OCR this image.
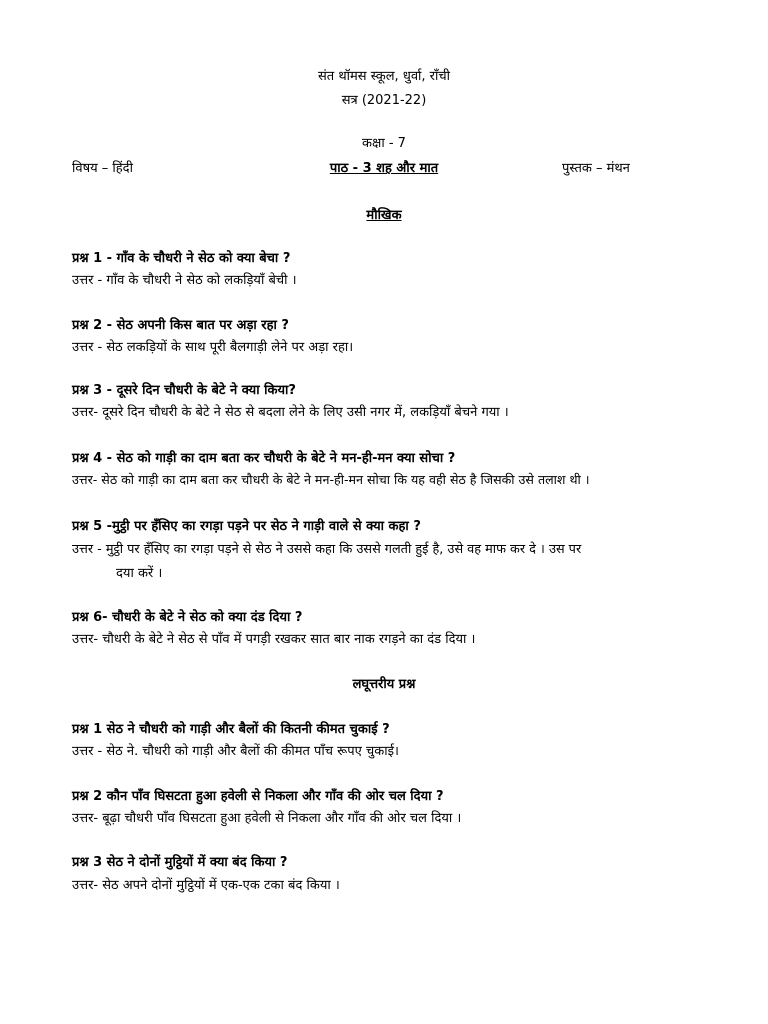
संत थॉमस स्कूल, धुर्वा, राँची
सत्र (2021-22)
कक्षा - 7
विषय – हिंदी	पाठ - 3 शह और मात	पुस्तक – मंथन
मौखिक
प्रश्न 1 - गाँव के चौधरी ने सेठ को क्या बेचा ?
उत्तर - गाँव के चौधरी ने सेठ को लकड़ियाँ बेची ।
प्रश्न 2 - सेठ अपनी किस बात पर अड़ा रहा ?
उत्तर - सेठ लकड़ियों के साथ पूरी बैलगाड़ी लेने पर अड़ा रहा।
प्रश्न 3 - दूसरे दिन चौधरी के बेटे ने क्या किया?
उत्तर- दूसरे दिन चौधरी के बेटे ने सेठ से बदला लेने के लिए उसी नगर में, लकड़ियाँ बेचने गया ।
प्रश्न 4 - सेठ को गाड़ी का दाम बता कर चौधरी के बेटे ने मन-ही-मन क्या सोचा ?
उत्तर- सेठ को गाड़ी का दाम बता कर चौधरी के बेटे ने मन-ही-मन सोचा कि यह वही सेठ है जिसकी उसे तलाश थी ।
प्रश्न 5 -मुट्ठी पर हँसिए का रगड़ा पड़ने पर सेठ ने गाड़ी वाले से क्या कहा ?
उत्तर - मुट्ठी पर हँसिए का रगड़ा पड़ने से सेठ ने उससे कहा कि उससे गलती हुई है, उसे वह माफ कर दे । उस पर
दया करें ।
प्रश्न 6- चौधरी के बेटे ने सेठ को क्या दंड दिया ?
उत्तर- चौधरी के बेटे ने सेठ से पाँव में पगड़ी रखकर सात बार नाक रगड़ने का दंड दिया ।
लघूत्तरीय प्रश्न
प्रश्न 1 सेठ ने चौधरी को गाड़ी और बैलों की कितनी कीमत चुकाई ?
उत्तर - सेठ ने. चौधरी को गाड़ी और बैलों की कीमत पाँच रूपए चुकाई।
प्रश्न 2 कौन पाँव घिसटता हुआ हवेली से निकला और गाँव की ओर चल दिया ?
उत्तर- बूढ़ा चौधरी पाँव घिसटता हुआ हवेली से निकला और गाँव की ओर चल दिया ।
प्रश्न 3 सेठ ने दोनों मुट्ठियों में क्या बंद किया ?
उत्तर- सेठ अपने दोनों मुट्ठियों में एक-एक टका बंद किया ।
